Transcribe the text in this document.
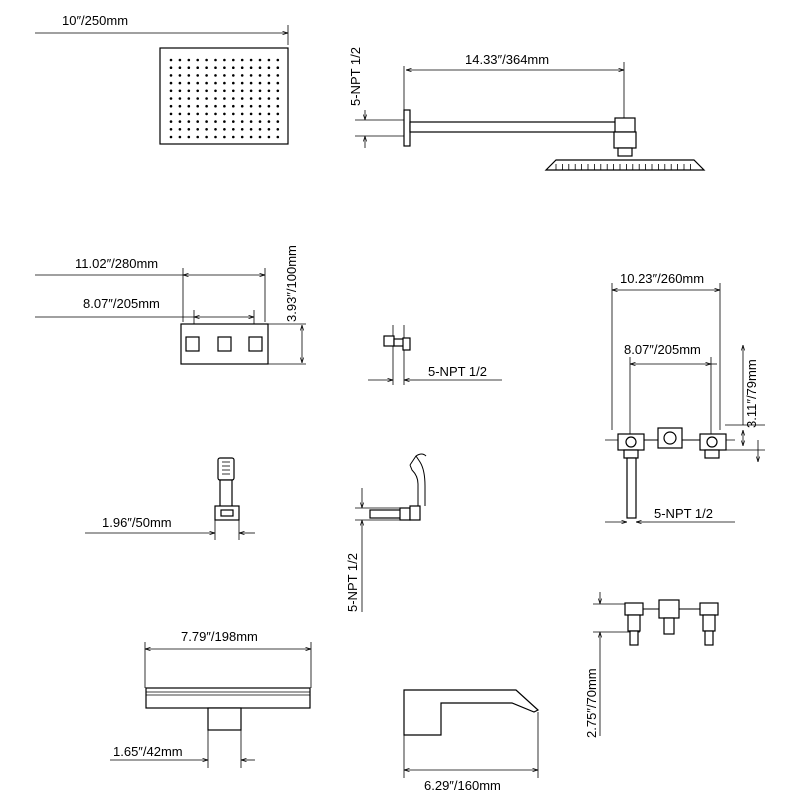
10″/250mm
5-NPT 1/2	14.33″/364mm
11.02″/280mm
8.07″/205mm	3.93″/100mm
5-NPT 1/2
10.23″/260mm
8.07″/205mm
3.11″/79mm
5-NPT 1/2
1.96″/50mm
5-NPT 1/2
7.79″/198mm
1.65″/42mm
6.29″/160mm
2.75″/70mm
